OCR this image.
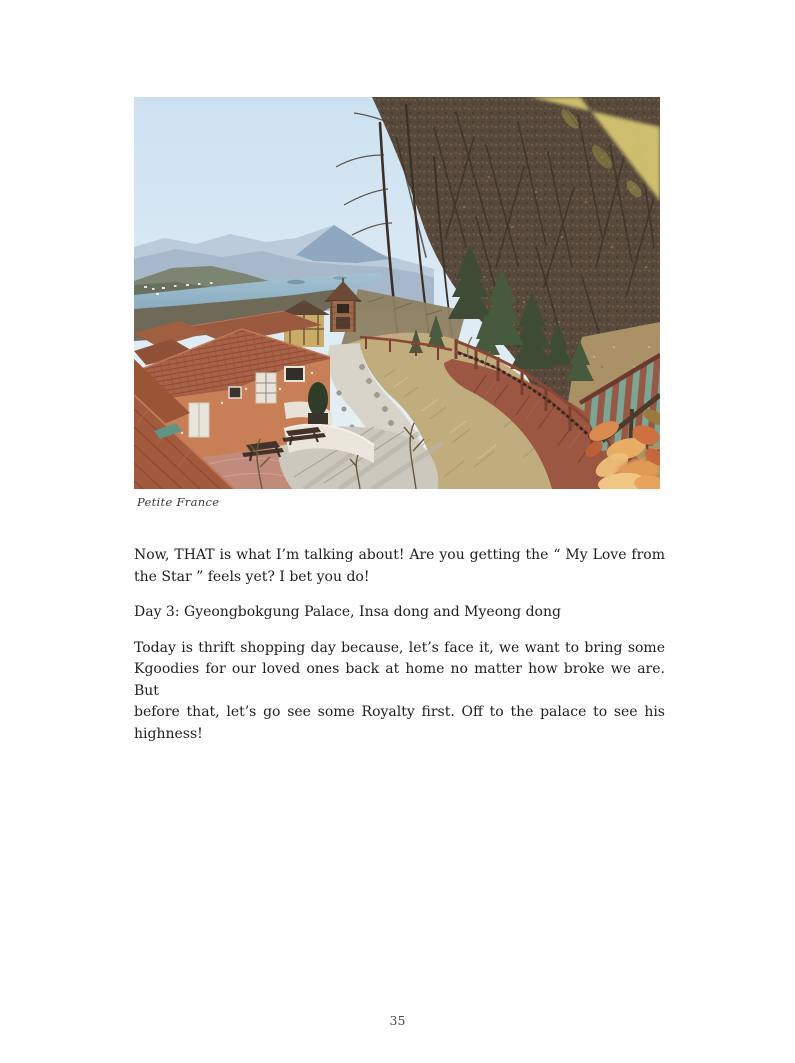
Petite France
Now, THAT is what I’m talking about! Are you getting the “ My Love from
the Star ” feels yet? I bet you do!
Day 3: Gyeongbokgung Palace, Insa dong and Myeong dong
Today is thrift shopping day because, let’s face it, we want to bring some
Kgoodies for our loved ones back at home no matter how broke we are. But
before that, let’s go see some Royalty first. Off to the palace to see his
highness!
35
